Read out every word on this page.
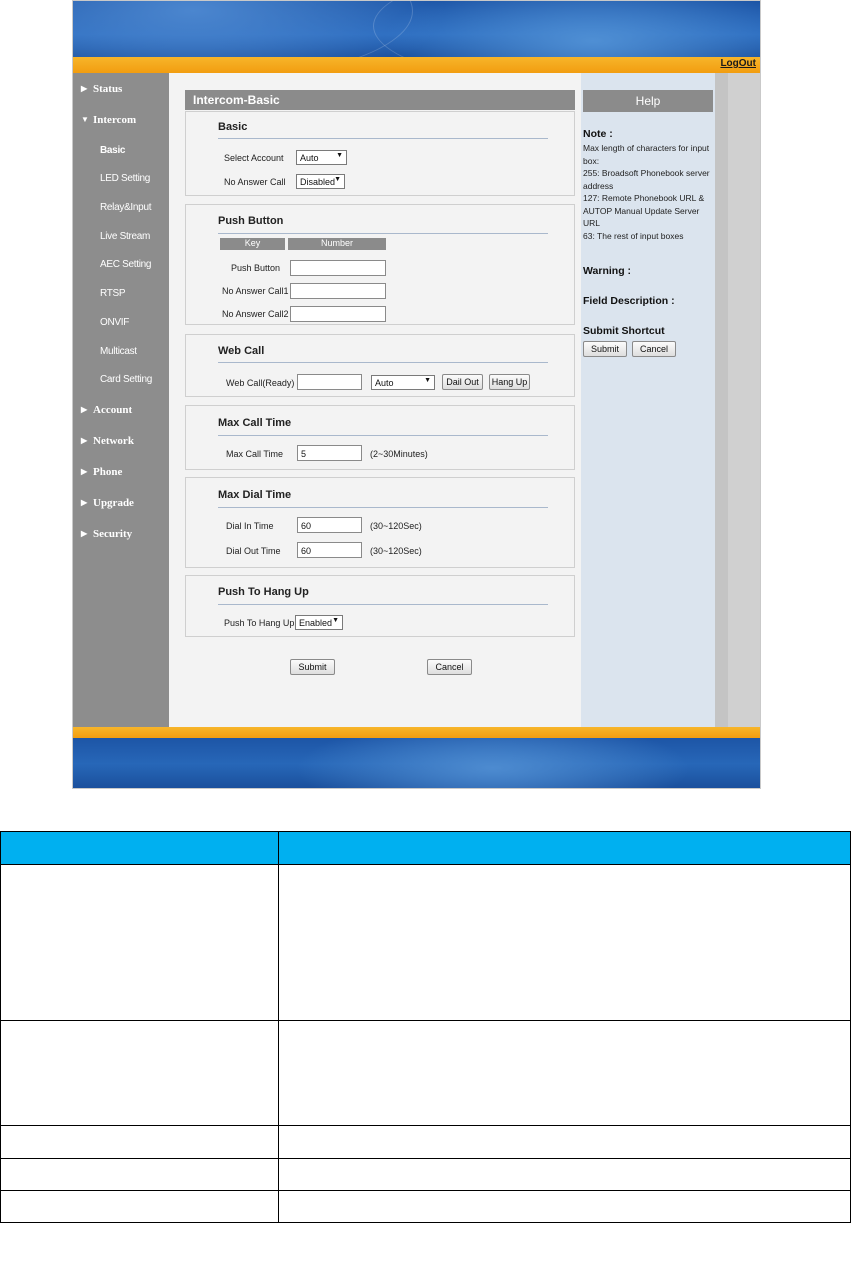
LogOut
▶ Status
▼ Intercom
Basic
LED Setting
Relay&Input
Live Stream
AEC Setting
RTSP
ONVIF
Multicast
Card Setting
▶ Account
▶ Network
▶ Phone
▶ Upgrade
▶ Security
Intercom-Basic
Basic
Select Account	Auto	▼
No Answer Call	Disabled ▼
Push Button
Key	Number
Push Button
No Answer Call1
No Answer Call2
Web Call
Web Call(Ready)	Auto	▼	Dail Out	Hang Up
Max Call Time
Max Call Time	5	(2~30Minutes)
Max Dial Time
Dial In Time	60	(30~120Sec)
Dial Out Time	60	(30~120Sec)
Push To Hang Up
Push To Hang Up Enabled ▼
Submit	Cancel
Help
Note :
Max length of characters for input
box:
255: Broadsoft Phonebook server
address
127: Remote Phonebook URL &
AUTOP Manual Update Server URL
63: The rest of input boxes
Warning :
Field Description :
Submit Shortcut
Submit	Cancel
